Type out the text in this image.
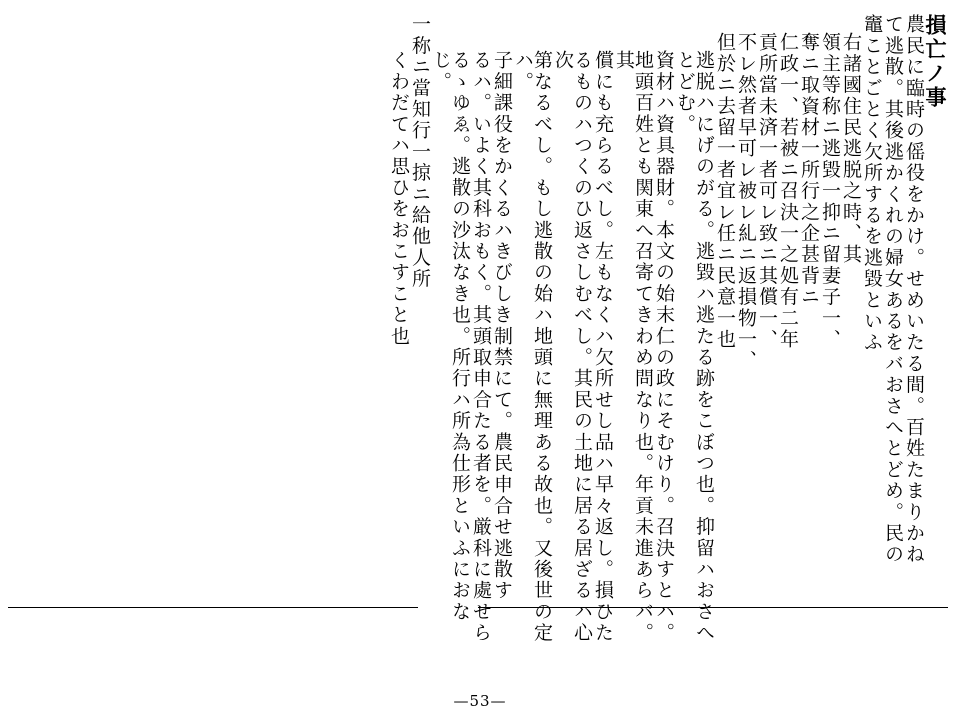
損亡ノ事
農民に臨時の傜役をかけ。せめいたる間。百姓たまりかね
て逃散。其後逃かくれの婦女あるをバおさへとどめ。民の
竈ことごとく欠所するを逃毀といふ
右諸國住民逃脱之時、其
領主等称ニ逃毀一抑ニ留妻子一、
奪ニ取資材一所行之企甚背ニ
仁政一、若被ニ召決一之処有二年
貢所當未済一者可レ致ニ其償一、
不レ然者早可レ被レ糺ニ返損物一、
但於ニ去留一者宜レ任ニ民意一也
逃脱ハにげのがる。逃毀ハ逃たる跡をこぼつ也。抑留ハおさへとどむ。
資材ハ資具器財。本文の始末仁の政にそむけり。召決すとハ。
地頭百姓とも関東へ召寄てきわめ問なり也。年貢未進あらバ。其
償にも充らるべし。左もなくハ欠所せし品ハ早々返し。損ひた
るものハつくのひ返さしむべし。其民の土地に居る居ざるハ心次
第なるべし。もし逃散の始ハ地頭に無理ある故也。又後世の定ハ。
子細課役をかくるハきびしき制禁にて。農民申合せ逃散す
るハ。いよく其科おもく。其頭取申合たる者を。厳科に處せら
るゝゆゑ。逃散の沙汰なき也。所行ハ所為仕形といふにおなじ。
一称ニ當知行一掠ニ給他人所
くわだてハ思ひをおこすこと也
—53—
